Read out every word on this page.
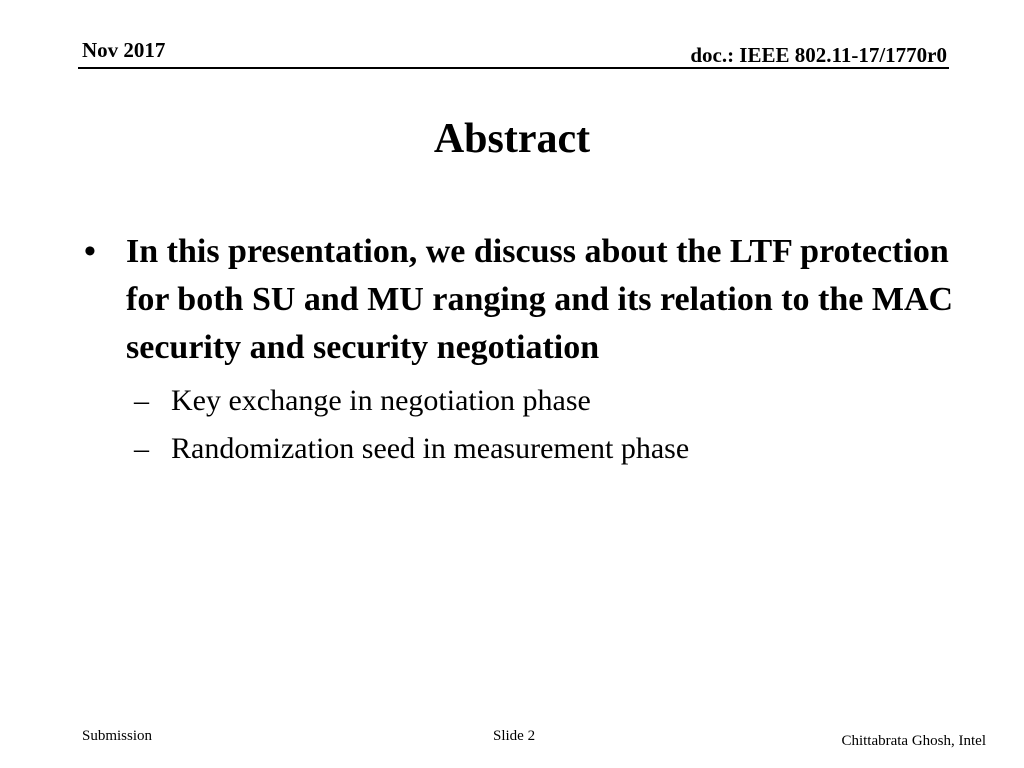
Nov 2017	doc.: IEEE 802.11-17/1770r0
Abstract
• In this presentation, we discuss about the LTF protection for both SU and MU ranging and its relation to the MAC security and security negotiation
– Key exchange in negotiation phase
– Randomization seed in measurement phase
Submission	Slide 2	Chittabrata Ghosh, Intel
